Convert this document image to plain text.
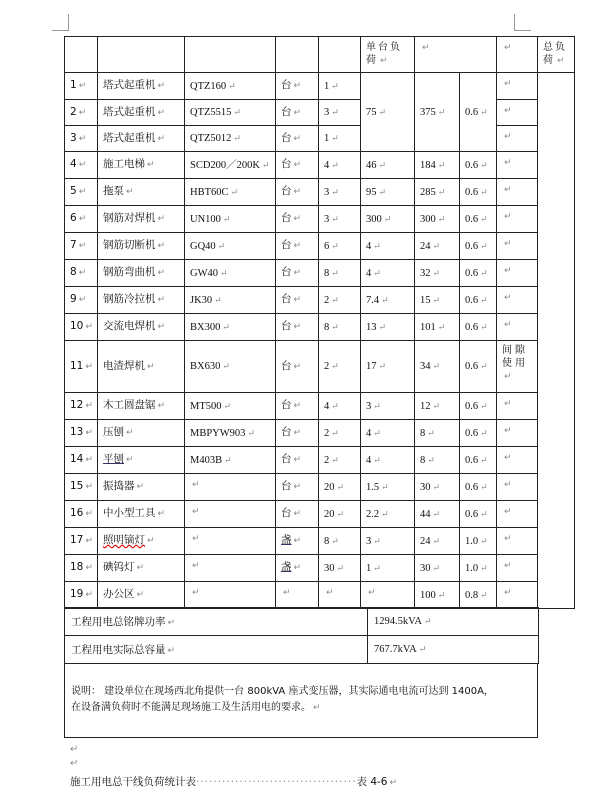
					单台负荷 ↵	↵		↵	总负荷 ↵
1 ↵	塔式起重机 ↵	QTZ160 ↵	台 ↵	1 ↵	75 ↵	375 ↵	0.6 ↵	↵	
2 ↵	塔式起重机 ↵	QTZ5515 ↵	台 ↵	3 ↵				↵	
3 ↵	塔式起重机 ↵	QTZ5012 ↵	台 ↵	1 ↵				↵	
4 ↵	施工电梯 ↵	SCD200／200K ↵	台 ↵	4 ↵	46 ↵	184 ↵	0.6 ↵	↵	
5 ↵	拖泵 ↵	HBT60C ↵	台 ↵	3 ↵	95 ↵	285 ↵	0.6 ↵	↵	
6 ↵	钢筋对焊机 ↵	UN100 ↵	台 ↵	3 ↵	300 ↵	300 ↵	0.6 ↵	↵	
7 ↵	钢筋切断机 ↵	GQ40 ↵	台 ↵	6 ↵	4 ↵	24 ↵	0.6 ↵	↵	
8 ↵	钢筋弯曲机 ↵	GW40 ↵	台 ↵	8 ↵	4 ↵	32 ↵	0.6 ↵	↵	
9 ↵	钢筋冷拉机 ↵	JK30 ↵	台 ↵	2 ↵	7.4 ↵	15 ↵	0.6 ↵	↵	
10 ↵	交流电焊机 ↵	BX300 ↵	台 ↵	8 ↵	13 ↵	101 ↵	0.6 ↵	↵	
11 ↵	电渣焊机 ↵	BX630 ↵	台 ↵	2 ↵	17 ↵	34 ↵	0.6 ↵	间隙使用↵	
12 ↵	木工圆盘锯 ↵	MT500 ↵	台 ↵	4 ↵	3 ↵	12 ↵	0.6 ↵	↵	
13 ↵	压刨 ↵	MBPYW903 ↵	台 ↵	2 ↵	4 ↵	8 ↵	0.6 ↵	↵	
14 ↵	平刨 ↵	M403B ↵	台 ↵	2 ↵	4 ↵	8 ↵	0.6 ↵	↵	
15 ↵	振捣器 ↵	↵	台 ↵	20 ↵	1.5 ↵	30 ↵	0.6 ↵	↵	
16 ↵	中小型工具 ↵	↵	台 ↵	20 ↵	2.2 ↵	44 ↵	0.6 ↵	↵	
17 ↵	照明镝灯 ↵	↵	盏 ↵	8 ↵	3 ↵	24 ↵	1.0 ↵	↵	
18 ↵	碘钨灯 ↵	↵	盏 ↵	30 ↵	1 ↵	30 ↵	1.0 ↵	↵	
19 ↵	办公区 ↵	↵	↵	↵	↵	100 ↵	0.8 ↵	↵	
工程用电总铭牌功率 ↵	1294.5kVA ↵
工程用电实际总容量 ↵	767.7kVA ↵
说明： 建设单位在现场西北角提供一台 800kVA 座式变压器，其实际通电电流可达到 1400A，
在设备满负荷时不能满足现场施工及生活用电的要求。 ↵
↵
↵
施工用电总干线负荷统计表·····································表 4-6 ↵
